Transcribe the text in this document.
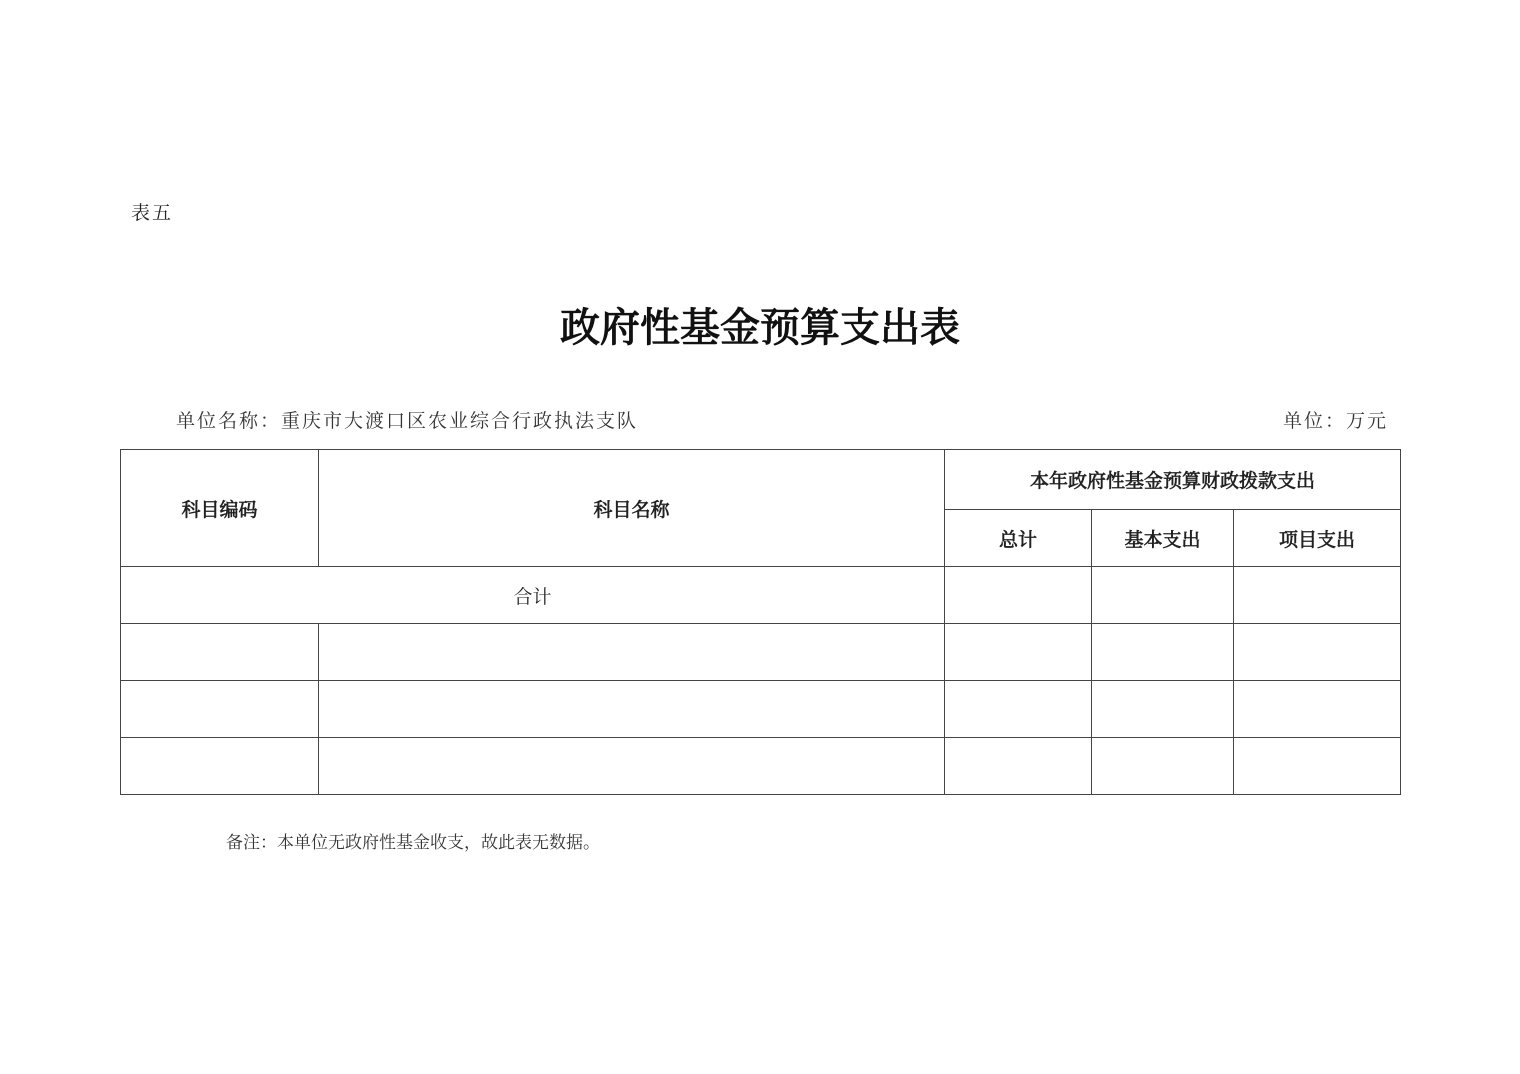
表五
政府性基金预算支出表
单位名称：重庆市大渡口区农业综合行政执法支队	单位：万元
科目编码	科目名称	本年政府性基金预算财政拨款支出		
		总计	基本支出	项目支出
合计				

备注：本单位无政府性基金收支，故此表无数据。
